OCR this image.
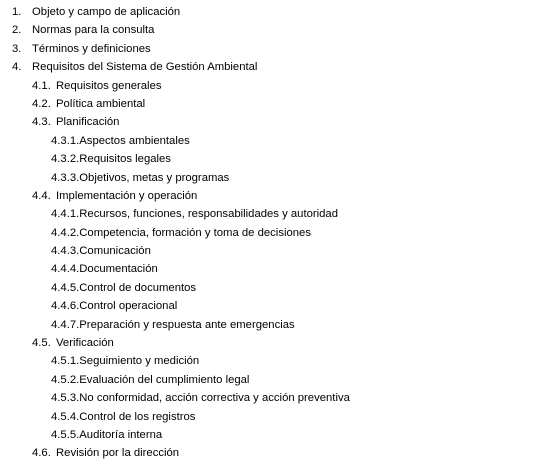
1. Objeto y campo de aplicación
2. Normas para la consulta
3. Términos y definiciones
4. Requisitos del Sistema de Gestión Ambiental
4.1. Requisitos generales
4.2. Política ambiental
4.3. Planificación
4.3.1.Aspectos ambientales
4.3.2.Requisitos legales
4.3.3.Objetivos, metas y programas
4.4. Implementación y operación
4.4.1.Recursos, funciones, responsabilidades y autoridad
4.4.2.Competencia, formación y toma de decisiones
4.4.3.Comunicación
4.4.4.Documentación
4.4.5.Control de documentos
4.4.6.Control operacional
4.4.7.Preparación y respuesta ante emergencias
4.5. Verificación
4.5.1.Seguimiento y medición
4.5.2.Evaluación del cumplimiento legal
4.5.3.No conformidad, acción correctiva y acción preventiva
4.5.4.Control de los registros
4.5.5.Auditoría interna
4.6. Revisión por la dirección
